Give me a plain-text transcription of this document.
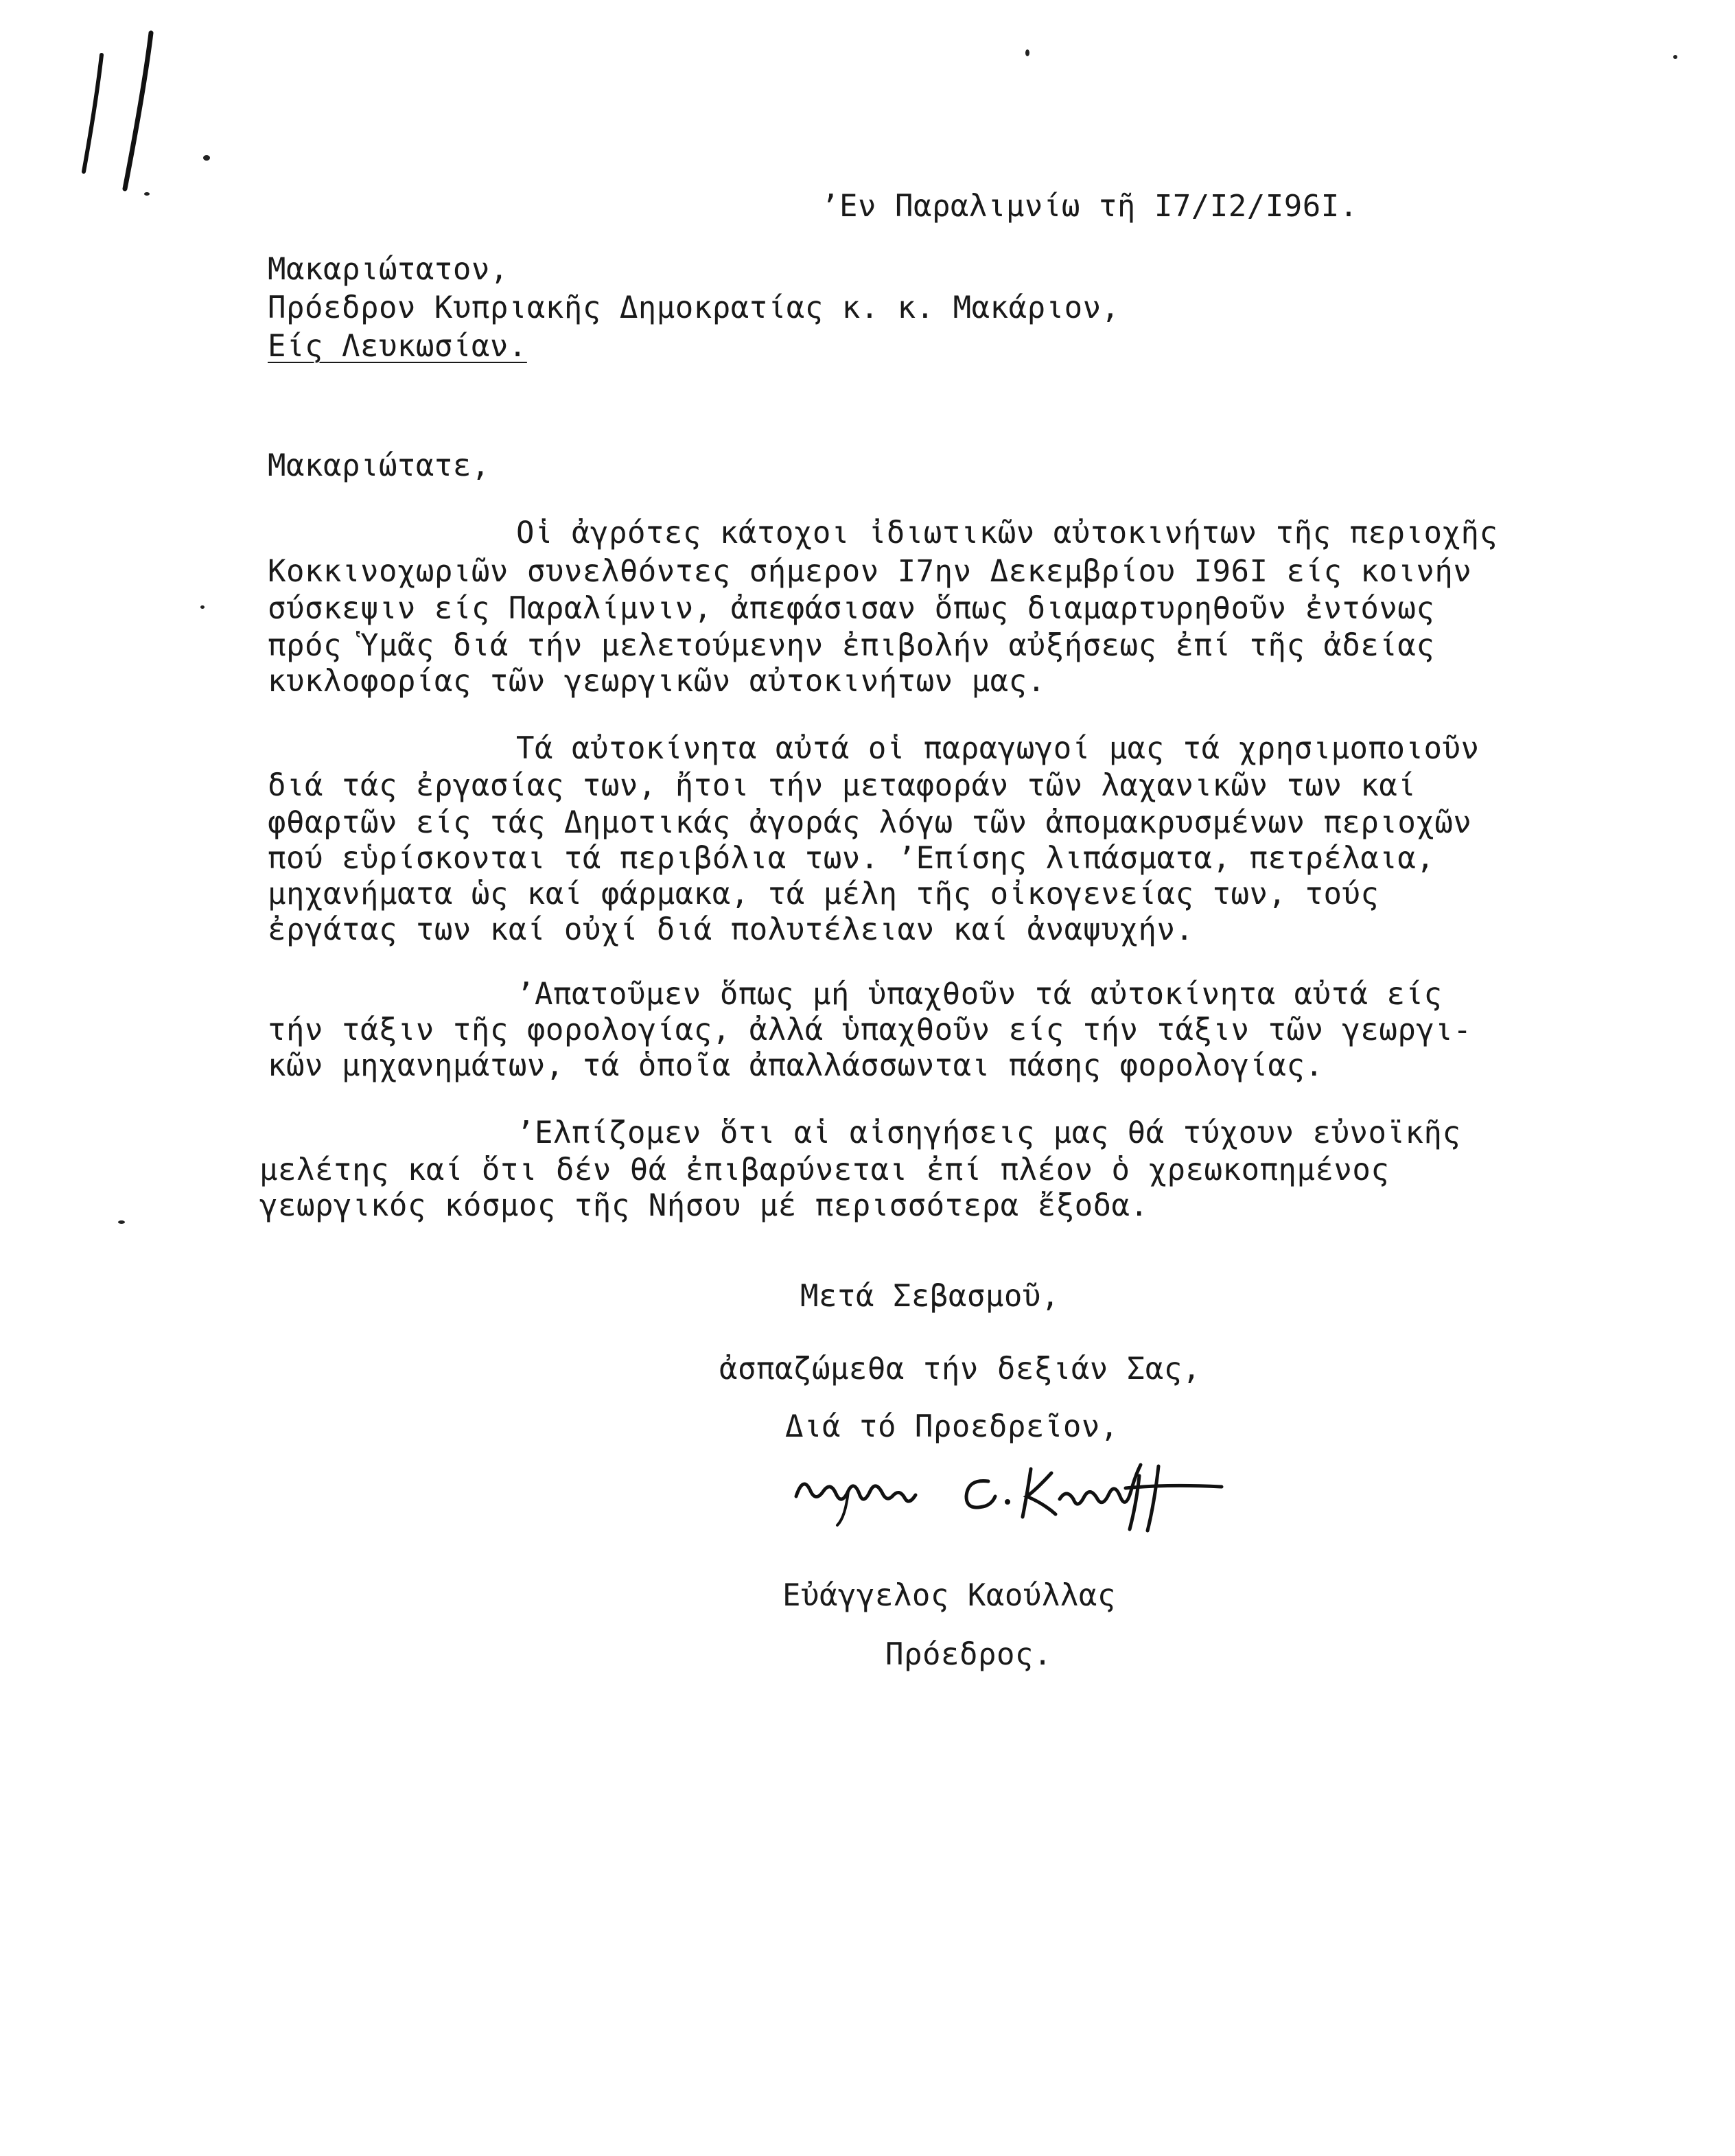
’Εν Παραλιμνίω τῆ I7/I2/I96I.
Μακαριώτατον,
Πρόεδρον Κυπριακῆς Δημοκρατίας κ. κ. Μακάριον,
Είς Λευκωσίαν.
Μακαριώτατε,
Οἱ ἀγρότες κάτοχοι ἰδιωτικῶν αὐτοκινήτων τῆς περιοχῆς
Κοκκινοχωριῶν συνελθόντες σήμερον I7ην Δεκεμβρίου I96I είς κοινήν
σύσκεψιν είς Παραλίμνιν, ἀπεφάσισαν ὅπως διαμαρτυρηθοῦν ἐντόνως
πρός Ὑμᾶς διά τήν μελετούμενην ἐπιβολήν αὐξήσεως ἐπί τῆς ἀδείας
κυκλοφορίας τῶν γεωργικῶν αὐτοκινήτων μας.
Τά αὐτοκίνητα αὐτά οἱ παραγωγοί μας τά χρησιμοποιοῦν
διά τάς ἐργασίας των, ἤτοι τήν μεταφοράν τῶν λαχανικῶν των καί
φθαρτῶν είς τάς Δημοτικάς ἀγοράς λόγω τῶν ἀπομακρυσμένων περιοχῶν
πού εὑρίσκονται τά περιβόλια των. ’Επίσης λιπάσματα, πετρέλαια,
μηχανήματα ὡς καί φάρμακα, τά μέλη τῆς οἰκογενείας των, τούς
ἐργάτας των καί οὐχί διά πολυτέλειαν καί ἀναψυχήν.
’Απατοῦμεν ὅπως μή ὑπαχθοῦν τά αὐτοκίνητα αὐτά είς
τήν τάξιν τῆς φορολογίας, ἀλλά ὑπαχθοῦν είς τήν τάξιν τῶν γεωργι-
κῶν μηχανημάτων, τά ὁποῖα ἀπαλλάσσωνται πάσης φορολογίας.
’Ελπίζομεν ὅτι αἱ αἰσηγήσεις μας θά τύχουν εὐνοϊκῆς
μελέτης καί ὅτι δέν θά ἐπιβαρύνεται ἐπί πλέον ὁ χρεωκοπημένος
γεωργικός κόσμος τῆς Νήσου μέ περισσότερα ἔξοδα.
Μετά Σεβασμοῦ,
ἀσπαζώμεθα τήν δεξιάν Σας,
Διά τό Προεδρεῖον,
Εὐάγγελος Καούλλας
Πρόεδρος.
